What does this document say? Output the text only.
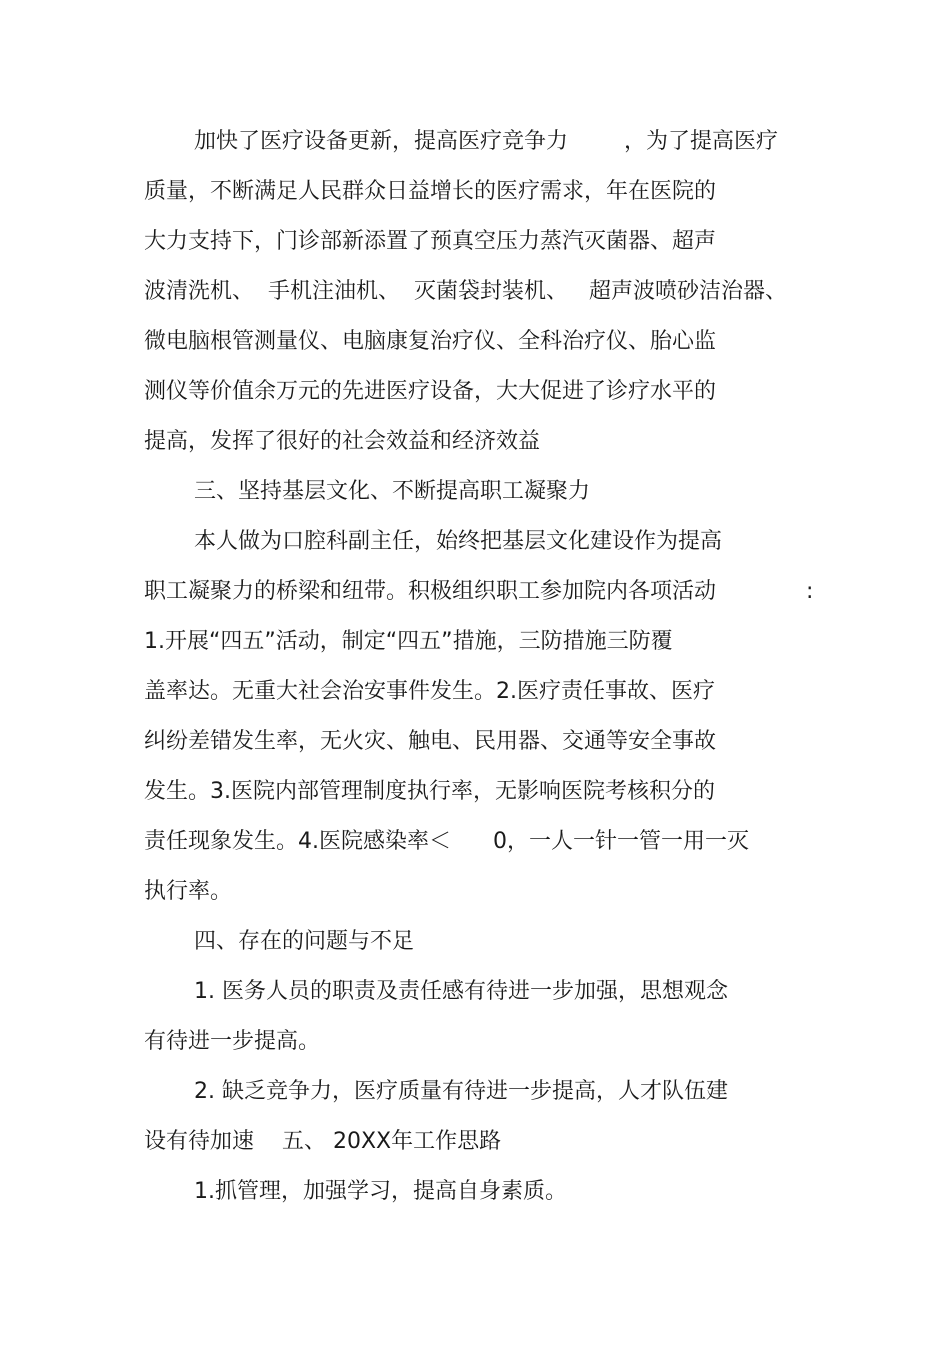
加快了医疗设备更新，提高医疗竞争力        ，为了提高医疗
质量，不断满足人民群众日益增长的医疗需求，年在医院的
大力支持下，门诊部新添置了预真空压力蒸汽灭菌器、超声
波清洗机、  手机注油机、  灭菌袋封装机、   超声波喷砂洁治器、
微电脑根管测量仪、电脑康复治疗仪、全科治疗仪、胎心监
测仪等价值余万元的先进医疗设备，大大促进了诊疗水平的
提高，发挥了很好的社会效益和经济效益
三、坚持基层文化、不断提高职工凝聚力
本人做为口腔科副主任，始终把基层文化建设作为提高
职工凝聚力的桥梁和纽带。积极组织职工参加院内各项活动	:
1.开展“四五”活动，制定“四五”措施，三防措施三防覆
盖率达。无重大社会治安事件发生。2.医疗责任事故、医疗
纠纷差错发生率，无火灾、触电、民用器、交通等安全事故
发生。3.医院内部管理制度执行率，无影响医院考核积分的
责任现象发生。4.医院感染率＜      0，一人一针一管一用一灭
执行率。
四、存在的问题与不足
1. 医务人员的职责及责任感有待进一步加强，思想观念
有待进一步提高。
2. 缺乏竞争力，医疗质量有待进一步提高，人才队伍建
设有待加速    五、 20XX年工作思路
1.抓管理，加强学习，提高自身素质。
